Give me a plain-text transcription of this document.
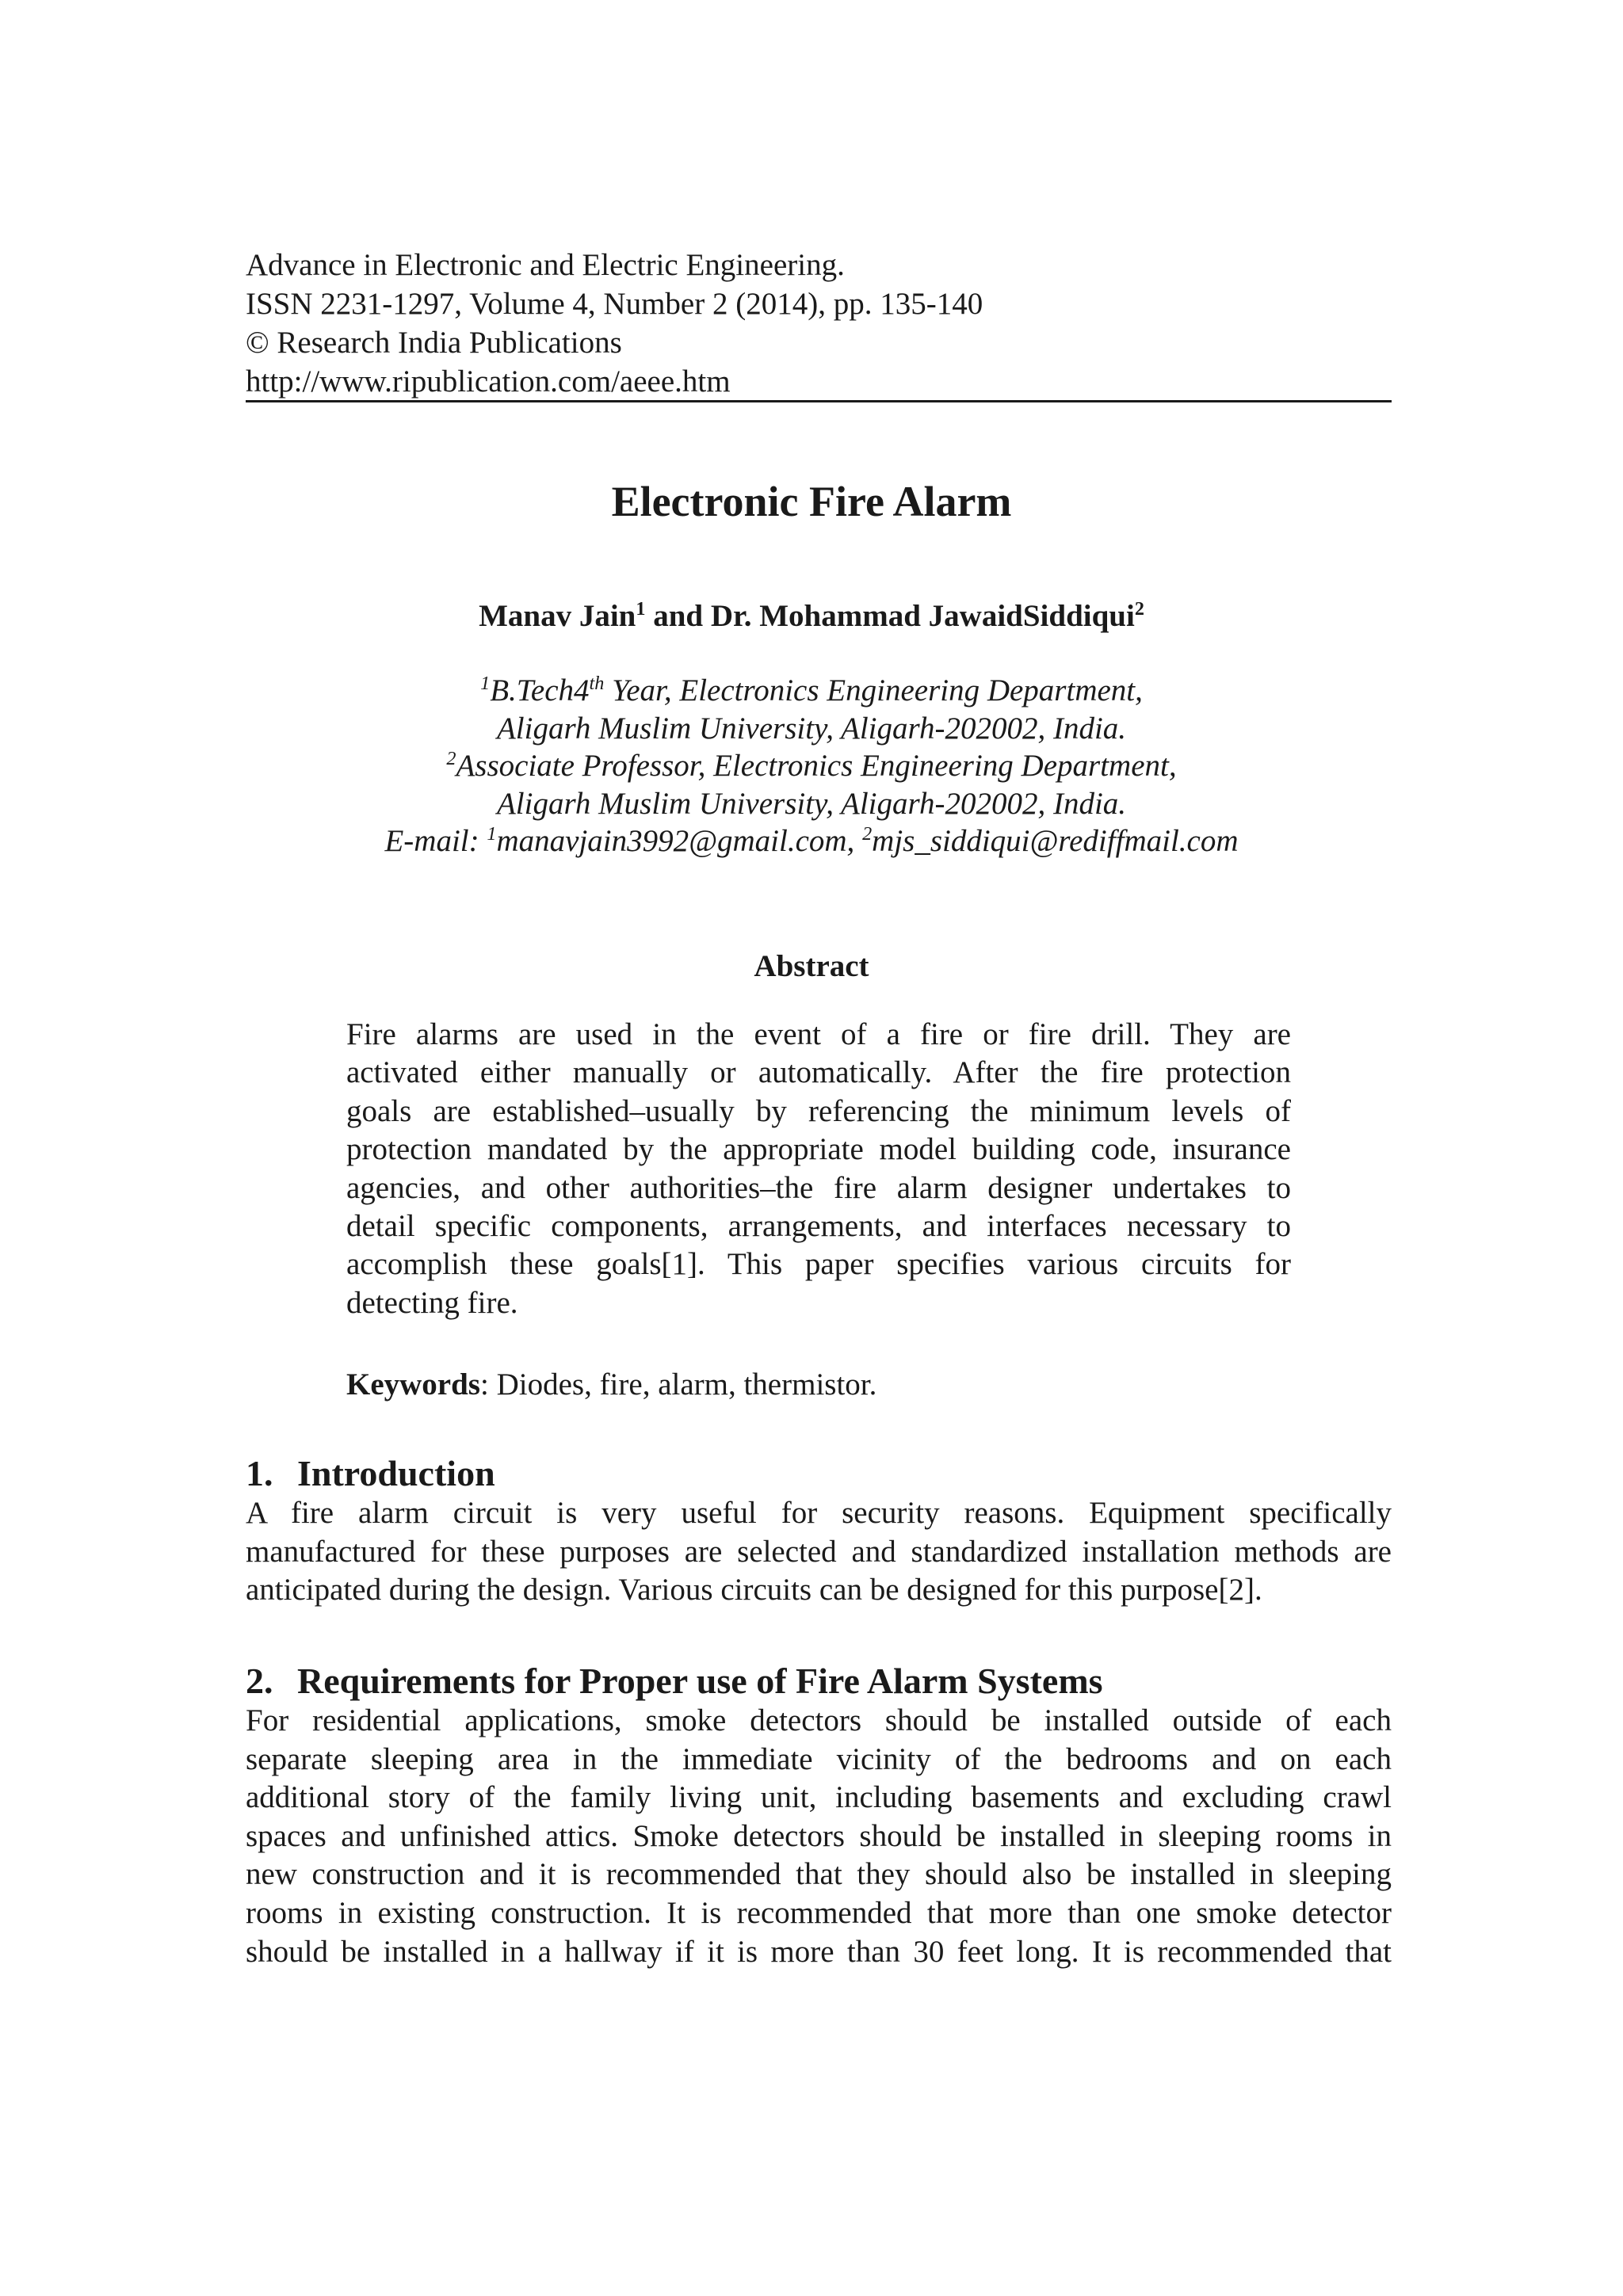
Advance in Electronic and Electric Engineering.
ISSN 2231-1297, Volume 4, Number 2 (2014), pp. 135-140
© Research India Publications
http://www.ripublication.com/aeee.htm
Electronic Fire Alarm
Manav Jain$^1$ and Dr. Mohammad JawaidSiddiqui$^2$
$^1$B.Tech4th Year, Electronics Engineering Department,
Aligarh Muslim University, Aligarh-202002, India.
$^2$Associate Professor, Electronics Engineering Department,
Aligarh Muslim University, Aligarh-202002, India.
E-mail: $^1$manavjain3992@gmail.com, $^2$mjs_siddiqui@rediffmail.com
Abstract
Fire alarms are used in the event of a fire or fire drill. They are
activated either manually or automatically. After the fire protection
goals are established–usually by referencing the minimum levels of
protection mandated by the appropriate model building code, insurance
agencies, and other authorities–the fire alarm designer undertakes to
detail specific components, arrangements, and interfaces necessary to
accomplish these goals[1]. This paper specifies various circuits for
detecting fire.
Keywords: Diodes, fire, alarm, thermistor.
1. Introduction
A fire alarm circuit is very useful for security reasons. Equipment specifically
manufactured for these purposes are selected and standardized installation methods are
anticipated during the design. Various circuits can be designed for this purpose[2].
2. Requirements for Proper use of Fire Alarm Systems
For residential applications, smoke detectors should be installed outside of each
separate sleeping area in the immediate vicinity of the bedrooms and on each
additional story of the family living unit, including basements and excluding crawl
spaces and unfinished attics. Smoke detectors should be installed in sleeping rooms in
new construction and it is recommended that they should also be installed in sleeping
rooms in existing construction. It is recommended that more than one smoke detector
should be installed in a hallway if it is more than 30 feet long. It is recommended that
